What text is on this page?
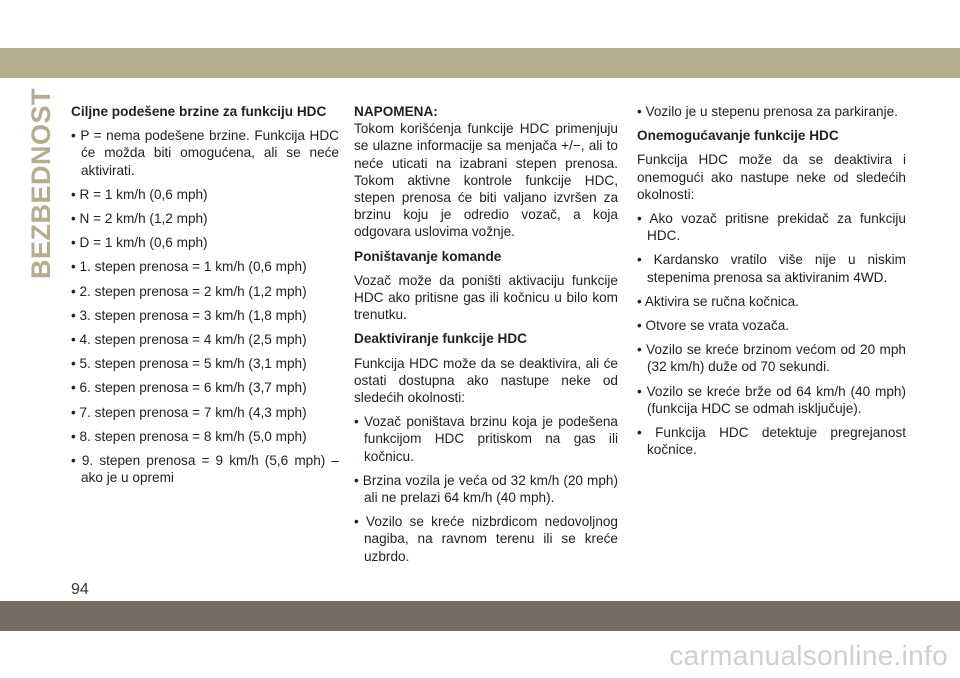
BEZBEDNOST Ciljne podešene brzine za funkciju HDC

• P = nema podešene brzine. Funkcija HDC će možda biti omogućena, ali se neće aktivirati.
• R = 1 km/h (0,6 mph)
• N = 2 km/h (1,2 mph)
• D = 1 km/h (0,6 mph)
• 1. stepen prenosa = 1 km/h (0,6 mph)
• 2. stepen prenosa = 2 km/h (1,2 mph)
• 3. stepen prenosa = 3 km/h (1,8 mph)
• 4. stepen prenosa = 4 km/h (2,5 mph)
• 5. stepen prenosa = 5 km/h (3,1 mph)
• 6. stepen prenosa = 6 km/h (3,7 mph)
• 7. stepen prenosa = 7 km/h (4,3 mph)
• 8. stepen prenosa = 8 km/h (5,0 mph)
• 9. stepen prenosa = 9 km/h (5,6 mph) – ako je u opremi

NAPOMENA:

Tokom korišćenja funkcije HDC primenjuju se ulazne informacije sa menjača +/−, ali to neće uticati na izabrani stepen prenosa. Tokom aktivne kontrole funkcije HDC, stepen prenosa će biti valjano izvršen za brzinu koju je odredio vozač, a koja odgovara uslovima vožnje.

Poništavanje komande

Vozač može da poništi aktivaciju funkcije HDC ako pritisne gas ili kočnicu u bilo kom trenutku.

Deaktiviranje funkcije HDC

Funkcija HDC može da se deaktivira, ali će ostati dostupna ako nastupe neke od sledećih okolnosti:

• Vozač poništava brzinu koja je podešena funkcijom HDC pritiskom na gas ili kočnicu.
• Brzina vozila je veća od 32 km/h (20 mph) ali ne prelazi 64 km/h (40 mph).
• Vozilo se kreće nizbrdicom nedovoljnog nagiba, na ravnom terenu ili se kreće uzbrdo.
• Vozilo je u stepenu prenosa za parkiranje.

Onemogućavanje funkcije HDC

Funkcija HDC može da se deaktivira i onemogući ako nastupe neke od sledećih okolnosti:

• Ako vozač pritisne prekidač za funkciju HDC.
• Kardansko vratilo više nije u niskim stepenima prenosa sa aktiviranim 4WD.
• Aktivira se ručna kočnica.
• Otvore se vrata vozača.
• Vozilo se kreće brzinom većom od 20 mph (32 km/h) duže od 70 sekundi.
• Vozilo se kreće brže od 64 km/h (40 mph) (funkcija HDC se odmah isključuje).
• Funkcija HDC detektuje pregrejanost kočnice.
94
carmanualsonline.info
